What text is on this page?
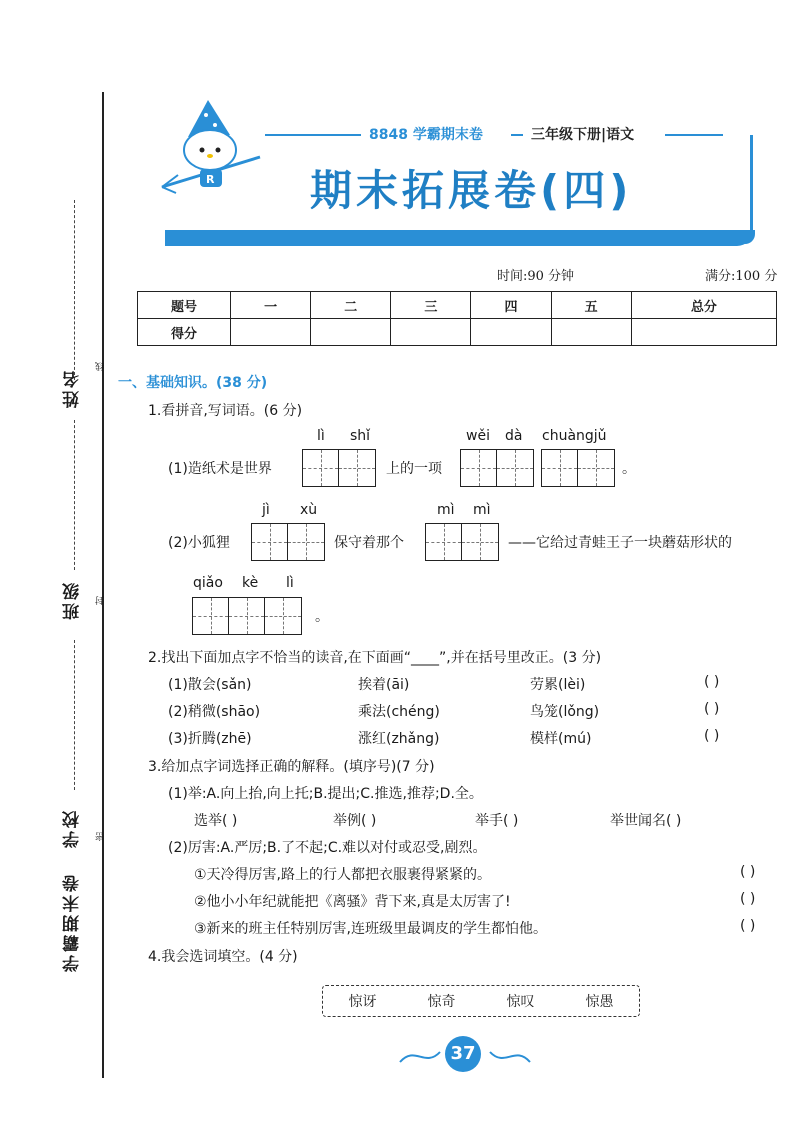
姓名
线
班级	封
学校	密
学霸期末卷
R
8848 学霸期末卷	三年级下册|语文
期末拓展卷(四)
时间:90 分钟	满分:100 分
题号	一	二	三	四	五	总分
得分						
一、基础知识。(38 分)
1.看拼音,写词语。(6 分)
lì shǐ	wěi dà chuàngjǔ
(1)造纸术是世界	上的一项	。
jì xù	mì mì
(2)小狐狸	保守着那个	——它给过青蛙王子一块蘑菇形状的
qiǎo kè lì
。
2.找出下面加点字不恰当的读音,在下面画“____”,并在括号里改正。(3 分)
(1)散会(sǎn)	挨着(āi)	劳累(lèi)	( )
(2)稍微(shāo)	乘法(chéng)	鸟笼(lǒng)	( )
(3)折腾(zhē)	涨红(zhǎng)	模样(mú)	( )
3.给加点字词选择正确的解释。(填序号)(7 分)
(1)举:A.向上抬,向上托;B.提出;C.推选,推荐;D.全。
选举( )	举例( )	举手( )	举世闻名( )
(2)厉害:A.严厉;B.了不起;C.难以对付或忍受,剧烈。
①天冷得厉害,路上的行人都把衣服裹得紧紧的。	( )
②他小小年纪就能把《离骚》背下来,真是太厉害了!	( )
③新来的班主任特别厉害,连班级里最调皮的学生都怕他。	( )
4.我会选词填空。(4 分)
惊讶	惊奇	惊叹	惊愚
37
